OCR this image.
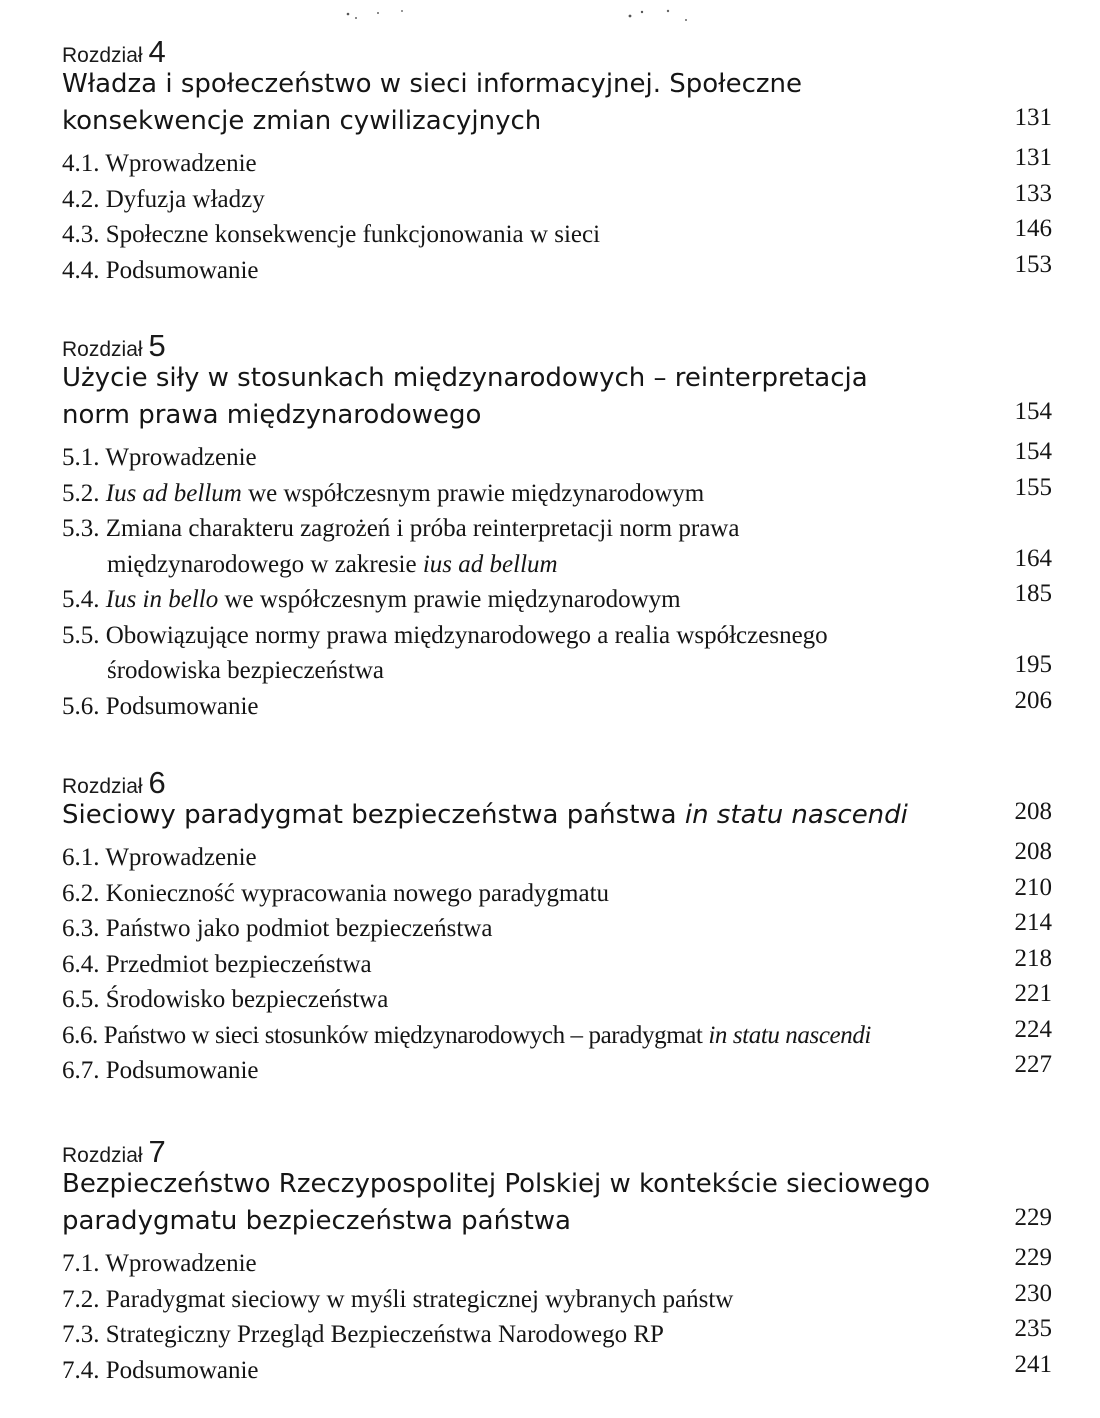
Rozdział 4
Władza i społeczeństwo w sieci informacyjnej. Społeczne
konsekwencje zmian cywilizacyjnych	131
4.1. Wprowadzenie	131
4.2. Dyfuzja władzy	133
4.3. Społeczne konsekwencje funkcjonowania w sieci	146
4.4. Podsumowanie	153
Rozdział 5
Użycie siły w stosunkach międzynarodowych – reinterpretacja
norm prawa międzynarodowego	154
5.1. Wprowadzenie	154
5.2. Ius ad bellum we współczesnym prawie międzynarodowym	155
5.3. Zmiana charakteru zagrożeń i próba reinterpretacji norm prawa
międzynarodowego w zakresie ius ad bellum	164
5.4. Ius in bello we współczesnym prawie międzynarodowym	185
5.5. Obowiązujące normy prawa międzynarodowego a realia współczesnego
środowiska bezpieczeństwa	195
5.6. Podsumowanie	206
Rozdział 6
Sieciowy paradygmat bezpieczeństwa państwa in statu nascendi	208
6.1. Wprowadzenie	208
6.2. Konieczność wypracowania nowego paradygmatu	210
6.3. Państwo jako podmiot bezpieczeństwa	214
6.4. Przedmiot bezpieczeństwa	218
6.5. Środowisko bezpieczeństwa	221
6.6. Państwo w sieci stosunków międzynarodowych – paradygmat in statu nascendi	224
6.7. Podsumowanie	227
Rozdział 7
Bezpieczeństwo Rzeczypospolitej Polskiej w kontekście sieciowego
paradygmatu bezpieczeństwa państwa	229
7.1. Wprowadzenie	229
7.2. Paradygmat sieciowy w myśli strategicznej wybranych państw	230
7.3. Strategiczny Przegląd Bezpieczeństwa Narodowego RP	235
7.4. Podsumowanie	241
